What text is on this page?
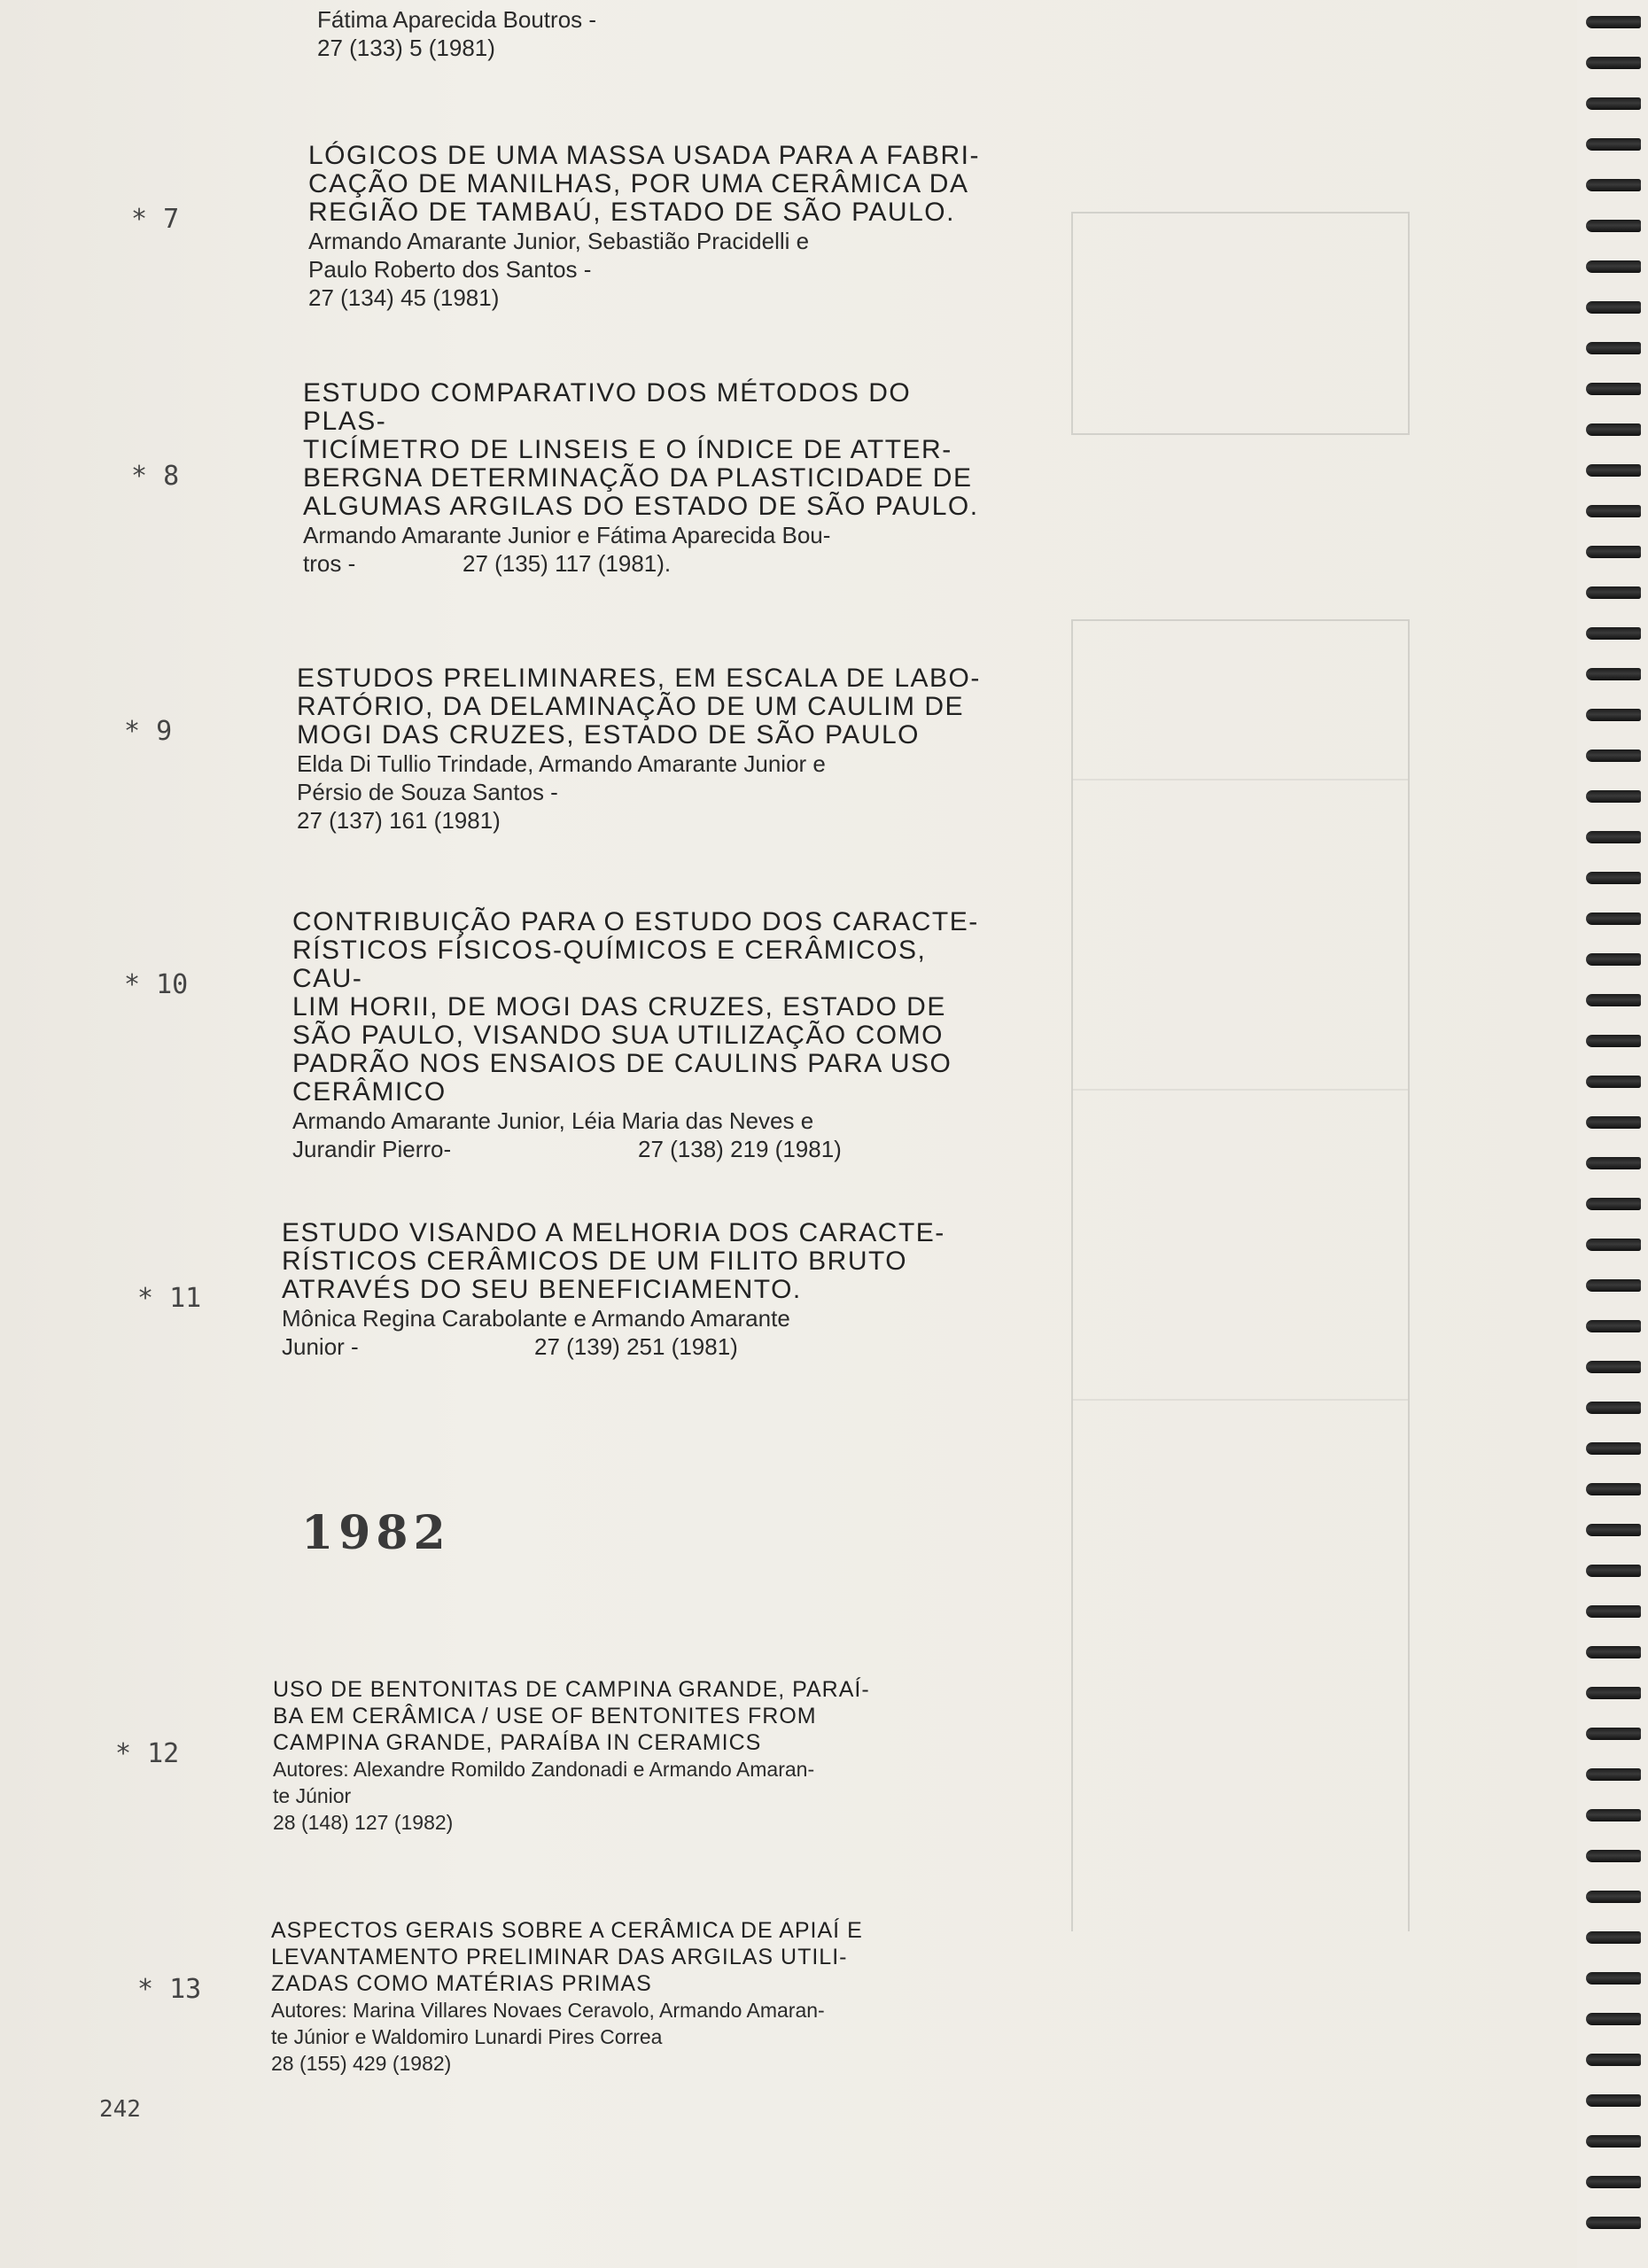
Fátima Aparecida Boutros -
27 (133) 5 (1981)
* 7
LÓGICOS DE UMA MASSA USADA PARA A FABRI-
CAÇÃO DE MANILHAS, POR UMA CERÂMICA DA
REGIÃO DE TAMBAÚ, ESTADO DE SÃO PAULO.
Armando Amarante Junior, Sebastião Pracidelli e
Paulo Roberto dos Santos -
27 (134) 45 (1981)
* 8
ESTUDO COMPARATIVO DOS MÉTODOS DO PLAS-
TICÍMETRO DE LINSEIS E O ÍNDICE DE ATTER-
BERGNA DETERMINAÇÃO DA PLASTICIDADE DE
ALGUMAS ARGILAS DO ESTADO DE SÃO PAULO.
Armando Amarante Junior e Fátima Aparecida Bou-
tros -	27 (135) 117 (1981).
* 9
ESTUDOS PRELIMINARES, EM ESCALA DE LABO-
RATÓRIO, DA DELAMINAÇÃO DE UM CAULIM DE
MOGI DAS CRUZES, ESTADO DE SÃO PAULO
Elda Di Tullio Trindade, Armando Amarante Junior e
Pérsio de Souza Santos -
27 (137) 161 (1981)
* 10
CONTRIBUIÇÃO PARA O ESTUDO DOS CARACTE-
RÍSTICOS FÍSICOS-QUÍMICOS E CERÂMICOS, CAU-
LIM HORII, DE MOGI DAS CRUZES, ESTADO DE
SÃO PAULO, VISANDO SUA UTILIZAÇÃO COMO
PADRÃO NOS ENSAIOS DE CAULINS PARA USO
CERÂMICO
Armando Amarante Junior, Léia Maria das Neves e
Jurandir Pierro-	27 (138) 219 (1981)
* 11
ESTUDO VISANDO A MELHORIA DOS CARACTE-
RÍSTICOS CERÂMICOS DE UM FILITO BRUTO
ATRAVÉS DO SEU BENEFICIAMENTO.
Mônica Regina Carabolante e Armando Amarante
Junior -	27 (139) 251 (1981)
1982
* 12
USO DE BENTONITAS DE CAMPINA GRANDE, PARAÍ-
BA EM CERÂMICA / USE OF BENTONITES FROM
CAMPINA GRANDE, PARAÍBA IN CERAMICS
Autores: Alexandre Romildo Zandonadi e Armando Amaran-
te Júnior
28 (148) 127 (1982)
* 13
ASPECTOS GERAIS SOBRE A CERÂMICA DE APIAÍ E
LEVANTAMENTO PRELIMINAR DAS ARGILAS UTILI-
ZADAS COMO MATÉRIAS PRIMAS
Autores: Marina Villares Novaes Ceravolo, Armando Amaran-
te Júnior e Waldomiro Lunardi Pires Correa
28 (155) 429 (1982)
242
